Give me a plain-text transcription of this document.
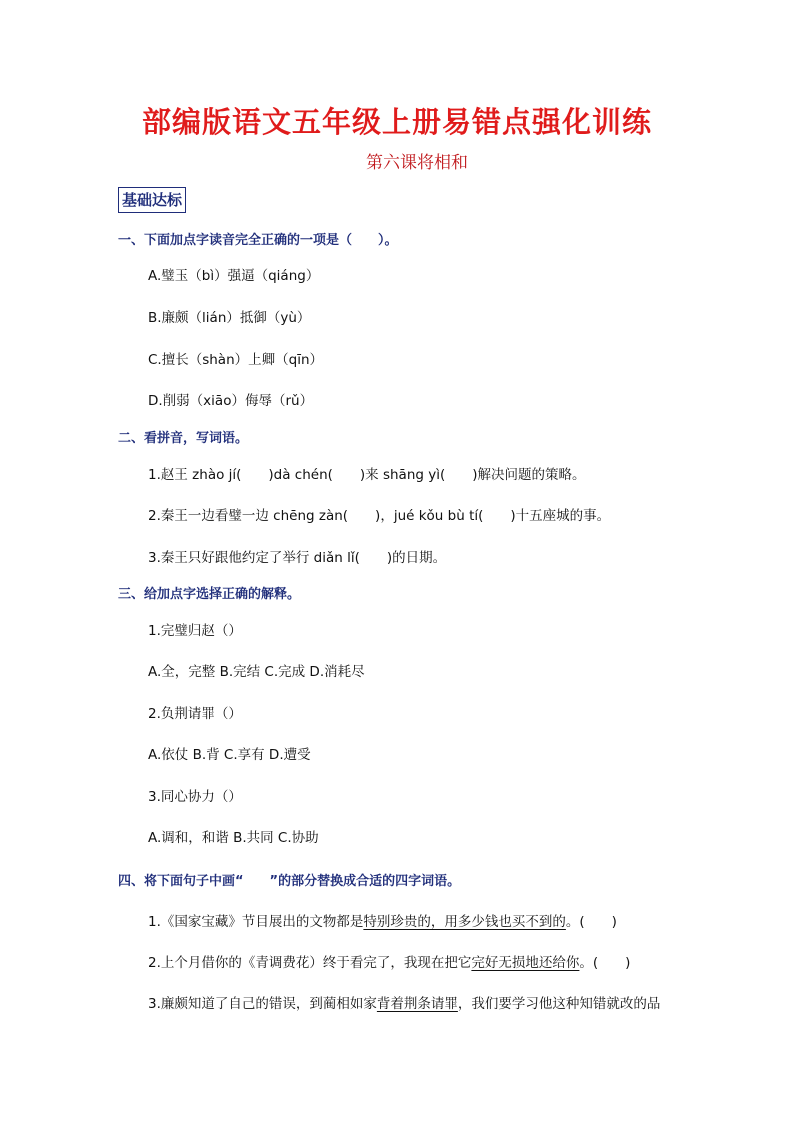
部编版语文五年级上册易错点强化训练
第六课将相和
基础达标
一、下面加点字读音完全正确的一项是（　　）。
A.璧玉（bì）强逼（qiáng）
B.廉颇（lián）抵御（yù）
C.擅长（shàn）上卿（qīn）
D.削弱（xiāo）侮辱（rǔ）
二、看拼音，写词语。
1.赵王 zhào jí(　　)dà chén(　　)来 shāng yì(　　)解决问题的策略。
2.秦王一边看璧一边 chēng zàn(　　)，jué kǒu bù tí(　　)十五座城的事。
3.秦王只好跟他约定了举行 diǎn lǐ(　　)的日期。
三、给加点字选择正确的解释。
1.完璧归赵（）
A.全，完整 B.完结 C.完成 D.消耗尽
2.负荆请罪（）
A.依仗 B.背 C.享有 D.遭受
3.同心协力（）
A.调和，和谐 B.共同 C.协助
四、将下面句子中画“　　”的部分替换成合适的四字词语。
1.《国家宝藏》节目展出的文物都是特别珍贵的，用多少钱也买不到的。(　　)
2.上个月借你的《青调费花）终于看完了，我现在把它完好无损地还给你。(　　)
3.廉颇知道了自己的错误，到蔺相如家背着荆条请罪，我们要学习他这种知错就改的品
